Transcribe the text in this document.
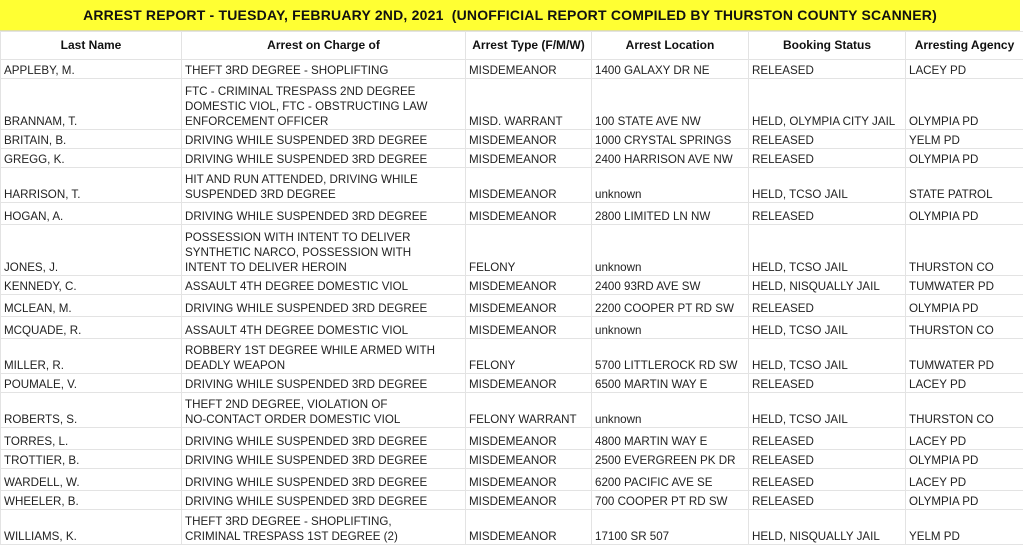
ARREST REPORT - TUESDAY, FEBRUARY 2ND, 2021  (UNOFFICIAL REPORT COMPILED BY THURSTON COUNTY SCANNER)
Last Name	Arrest on Charge of	Arrest Type (F/M/W)	Arrest Location	Booking Status	Arresting Agency
APPLEBY, M.	THEFT 3RD DEGREE - SHOPLIFTING	MISDEMEANOR	1400 GALAXY DR NE	RELEASED	LACEY PD
BRANNAM, T.	FTC - CRIMINAL TRESPASS 2ND DEGREE
DOMESTIC VIOL, FTC - OBSTRUCTING LAW
ENFORCEMENT OFFICER	MISD. WARRANT	100 STATE AVE NW	HELD, OLYMPIA CITY JAIL	OLYMPIA PD
BRITAIN, B.	DRIVING WHILE SUSPENDED 3RD DEGREE	MISDEMEANOR	1000 CRYSTAL SPRINGS	RELEASED	YELM PD
GREGG, K.	DRIVING WHILE SUSPENDED 3RD DEGREE	MISDEMEANOR	2400 HARRISON AVE NW	RELEASED	OLYMPIA PD
HARRISON, T.	HIT AND RUN ATTENDED, DRIVING WHILE
SUSPENDED 3RD DEGREE	MISDEMEANOR	unknown	HELD, TCSO JAIL	STATE PATROL
HOGAN, A.	DRIVING WHILE SUSPENDED 3RD DEGREE	MISDEMEANOR	2800 LIMITED LN NW	RELEASED	OLYMPIA PD
JONES, J.	POSSESSION WITH INTENT TO DELIVER
SYNTHETIC NARCO, POSSESSION WITH
INTENT TO DELIVER HEROIN	FELONY	unknown	HELD, TCSO JAIL	THURSTON CO
KENNEDY, C.	ASSAULT 4TH DEGREE DOMESTIC VIOL	MISDEMEANOR	2400 93RD AVE SW	HELD, NISQUALLY JAIL	TUMWATER PD
MCLEAN, M.	DRIVING WHILE SUSPENDED 3RD DEGREE	MISDEMEANOR	2200 COOPER PT RD SW	RELEASED	OLYMPIA PD
MCQUADE, R.	ASSAULT 4TH DEGREE DOMESTIC VIOL	MISDEMEANOR	unknown	HELD, TCSO JAIL	THURSTON CO
MILLER, R.	ROBBERY 1ST DEGREE WHILE ARMED WITH
DEADLY WEAPON	FELONY	5700 LITTLEROCK RD SW	HELD, TCSO JAIL	TUMWATER PD
POUMALE, V.	DRIVING WHILE SUSPENDED 3RD DEGREE	MISDEMEANOR	6500 MARTIN WAY E	RELEASED	LACEY PD
ROBERTS, S.	THEFT 2ND DEGREE, VIOLATION OF
NO-CONTACT ORDER DOMESTIC VIOL	FELONY WARRANT	unknown	HELD, TCSO JAIL	THURSTON CO
TORRES, L.	DRIVING WHILE SUSPENDED 3RD DEGREE	MISDEMEANOR	4800 MARTIN WAY E	RELEASED	LACEY PD
TROTTIER, B.	DRIVING WHILE SUSPENDED 3RD DEGREE	MISDEMEANOR	2500 EVERGREEN PK DR	RELEASED	OLYMPIA PD
WARDELL, W.	DRIVING WHILE SUSPENDED 3RD DEGREE	MISDEMEANOR	6200 PACIFIC AVE SE	RELEASED	LACEY PD
WHEELER, B.	DRIVING WHILE SUSPENDED 3RD DEGREE	MISDEMEANOR	700 COOPER PT RD SW	RELEASED	OLYMPIA PD
WILLIAMS, K.	THEFT 3RD DEGREE - SHOPLIFTING,
CRIMINAL TRESPASS 1ST DEGREE (2)	MISDEMEANOR	17100 SR 507	HELD, NISQUALLY JAIL	YELM PD
